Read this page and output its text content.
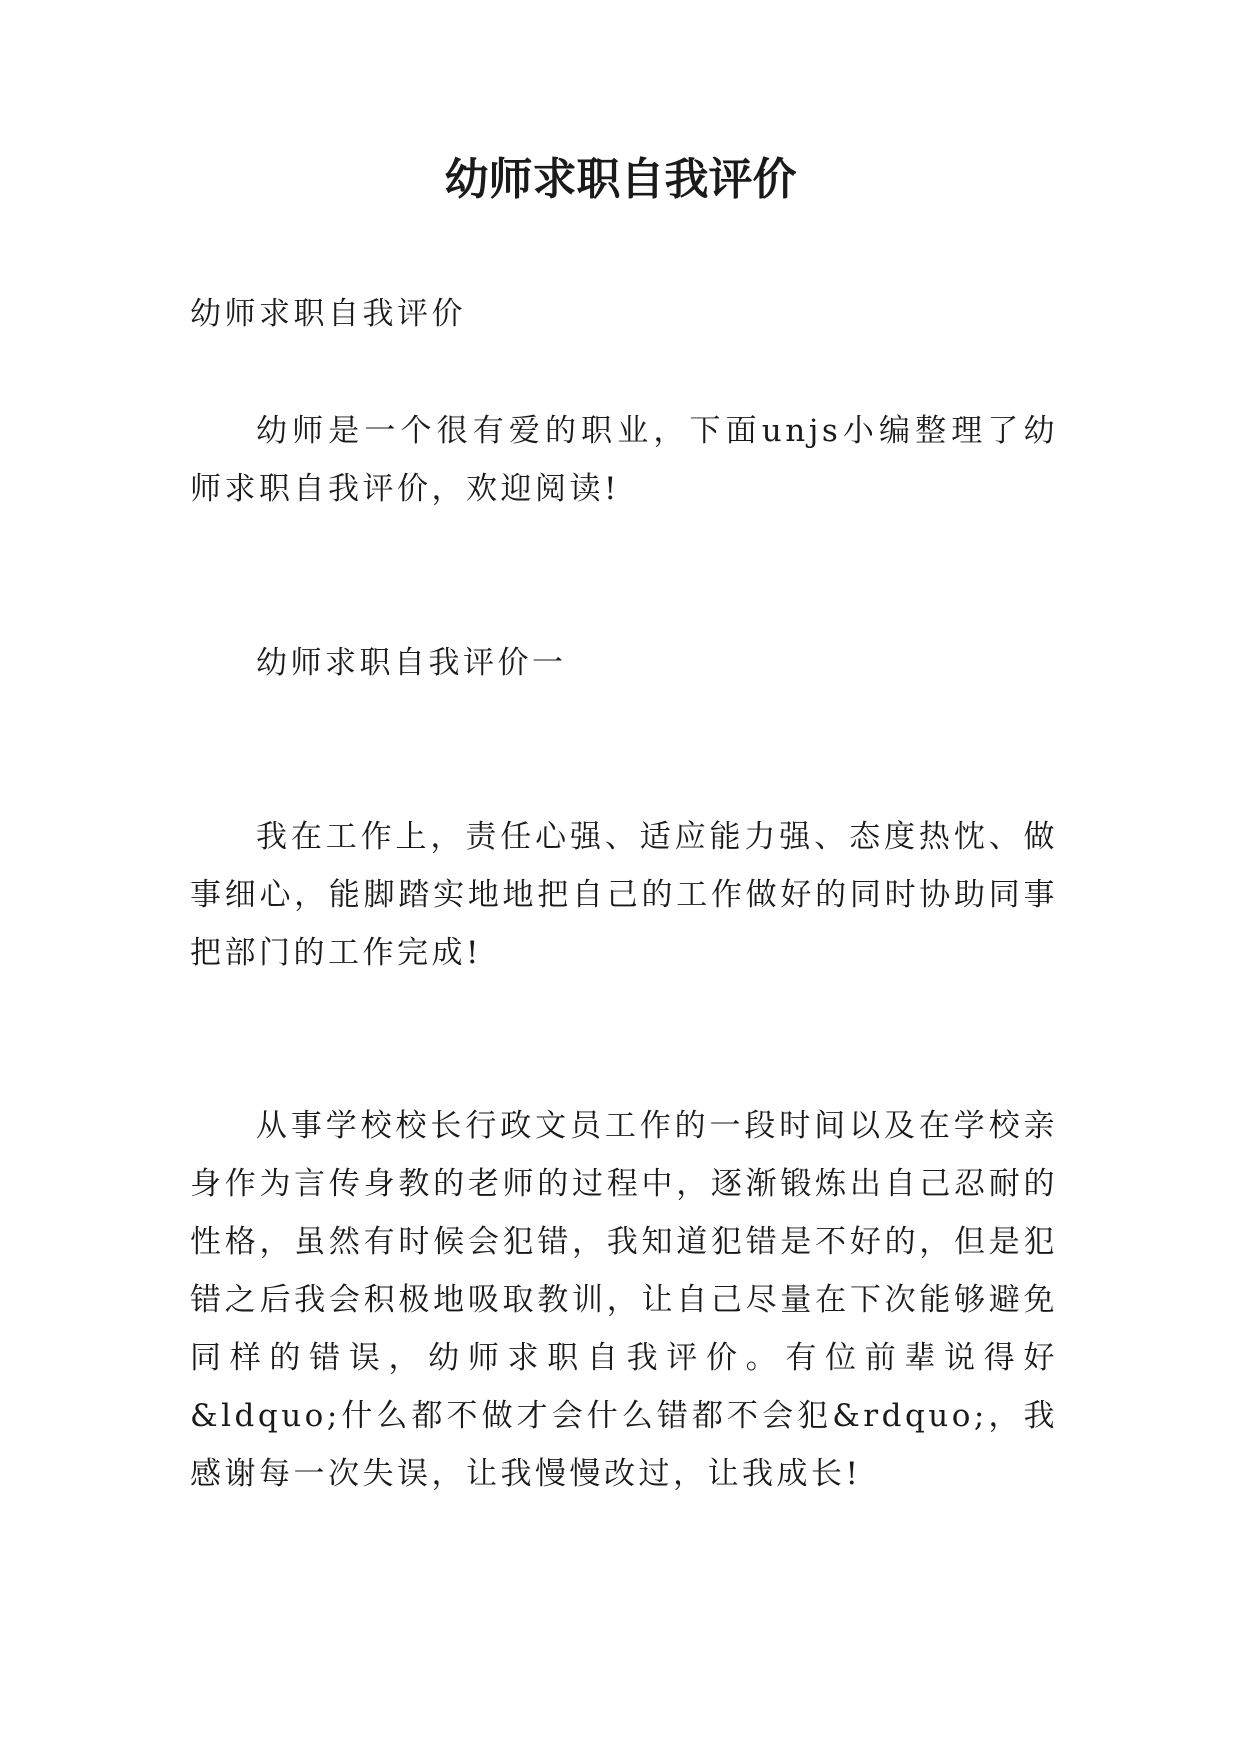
幼师求职自我评价

幼师求职自我评价

幼师是一个很有爱的职业，下面unjs小编整理了幼师求职自我评价，欢迎阅读!

幼师求职自我评价一

我在工作上，责任心强、适应能力强、态度热忱、做事细心，能脚踏实地地把自己的工作做好的同时协助同事把部门的工作完成!

从事学校校长行政文员工作的一段时间以及在学校亲身作为言传身教的老师的过程中，逐渐锻炼出自己忍耐的性格，虽然有时候会犯错，我知道犯错是不好的，但是犯错之后我会积极地吸取教训，让自己尽量在下次能够避免同样的错误，幼师求职自我评价。有位前辈说得好&ldquo;什么都不做才会什么错都不会犯&rdquo;，我感谢每一次失误，让我慢慢改过，让我成长!
